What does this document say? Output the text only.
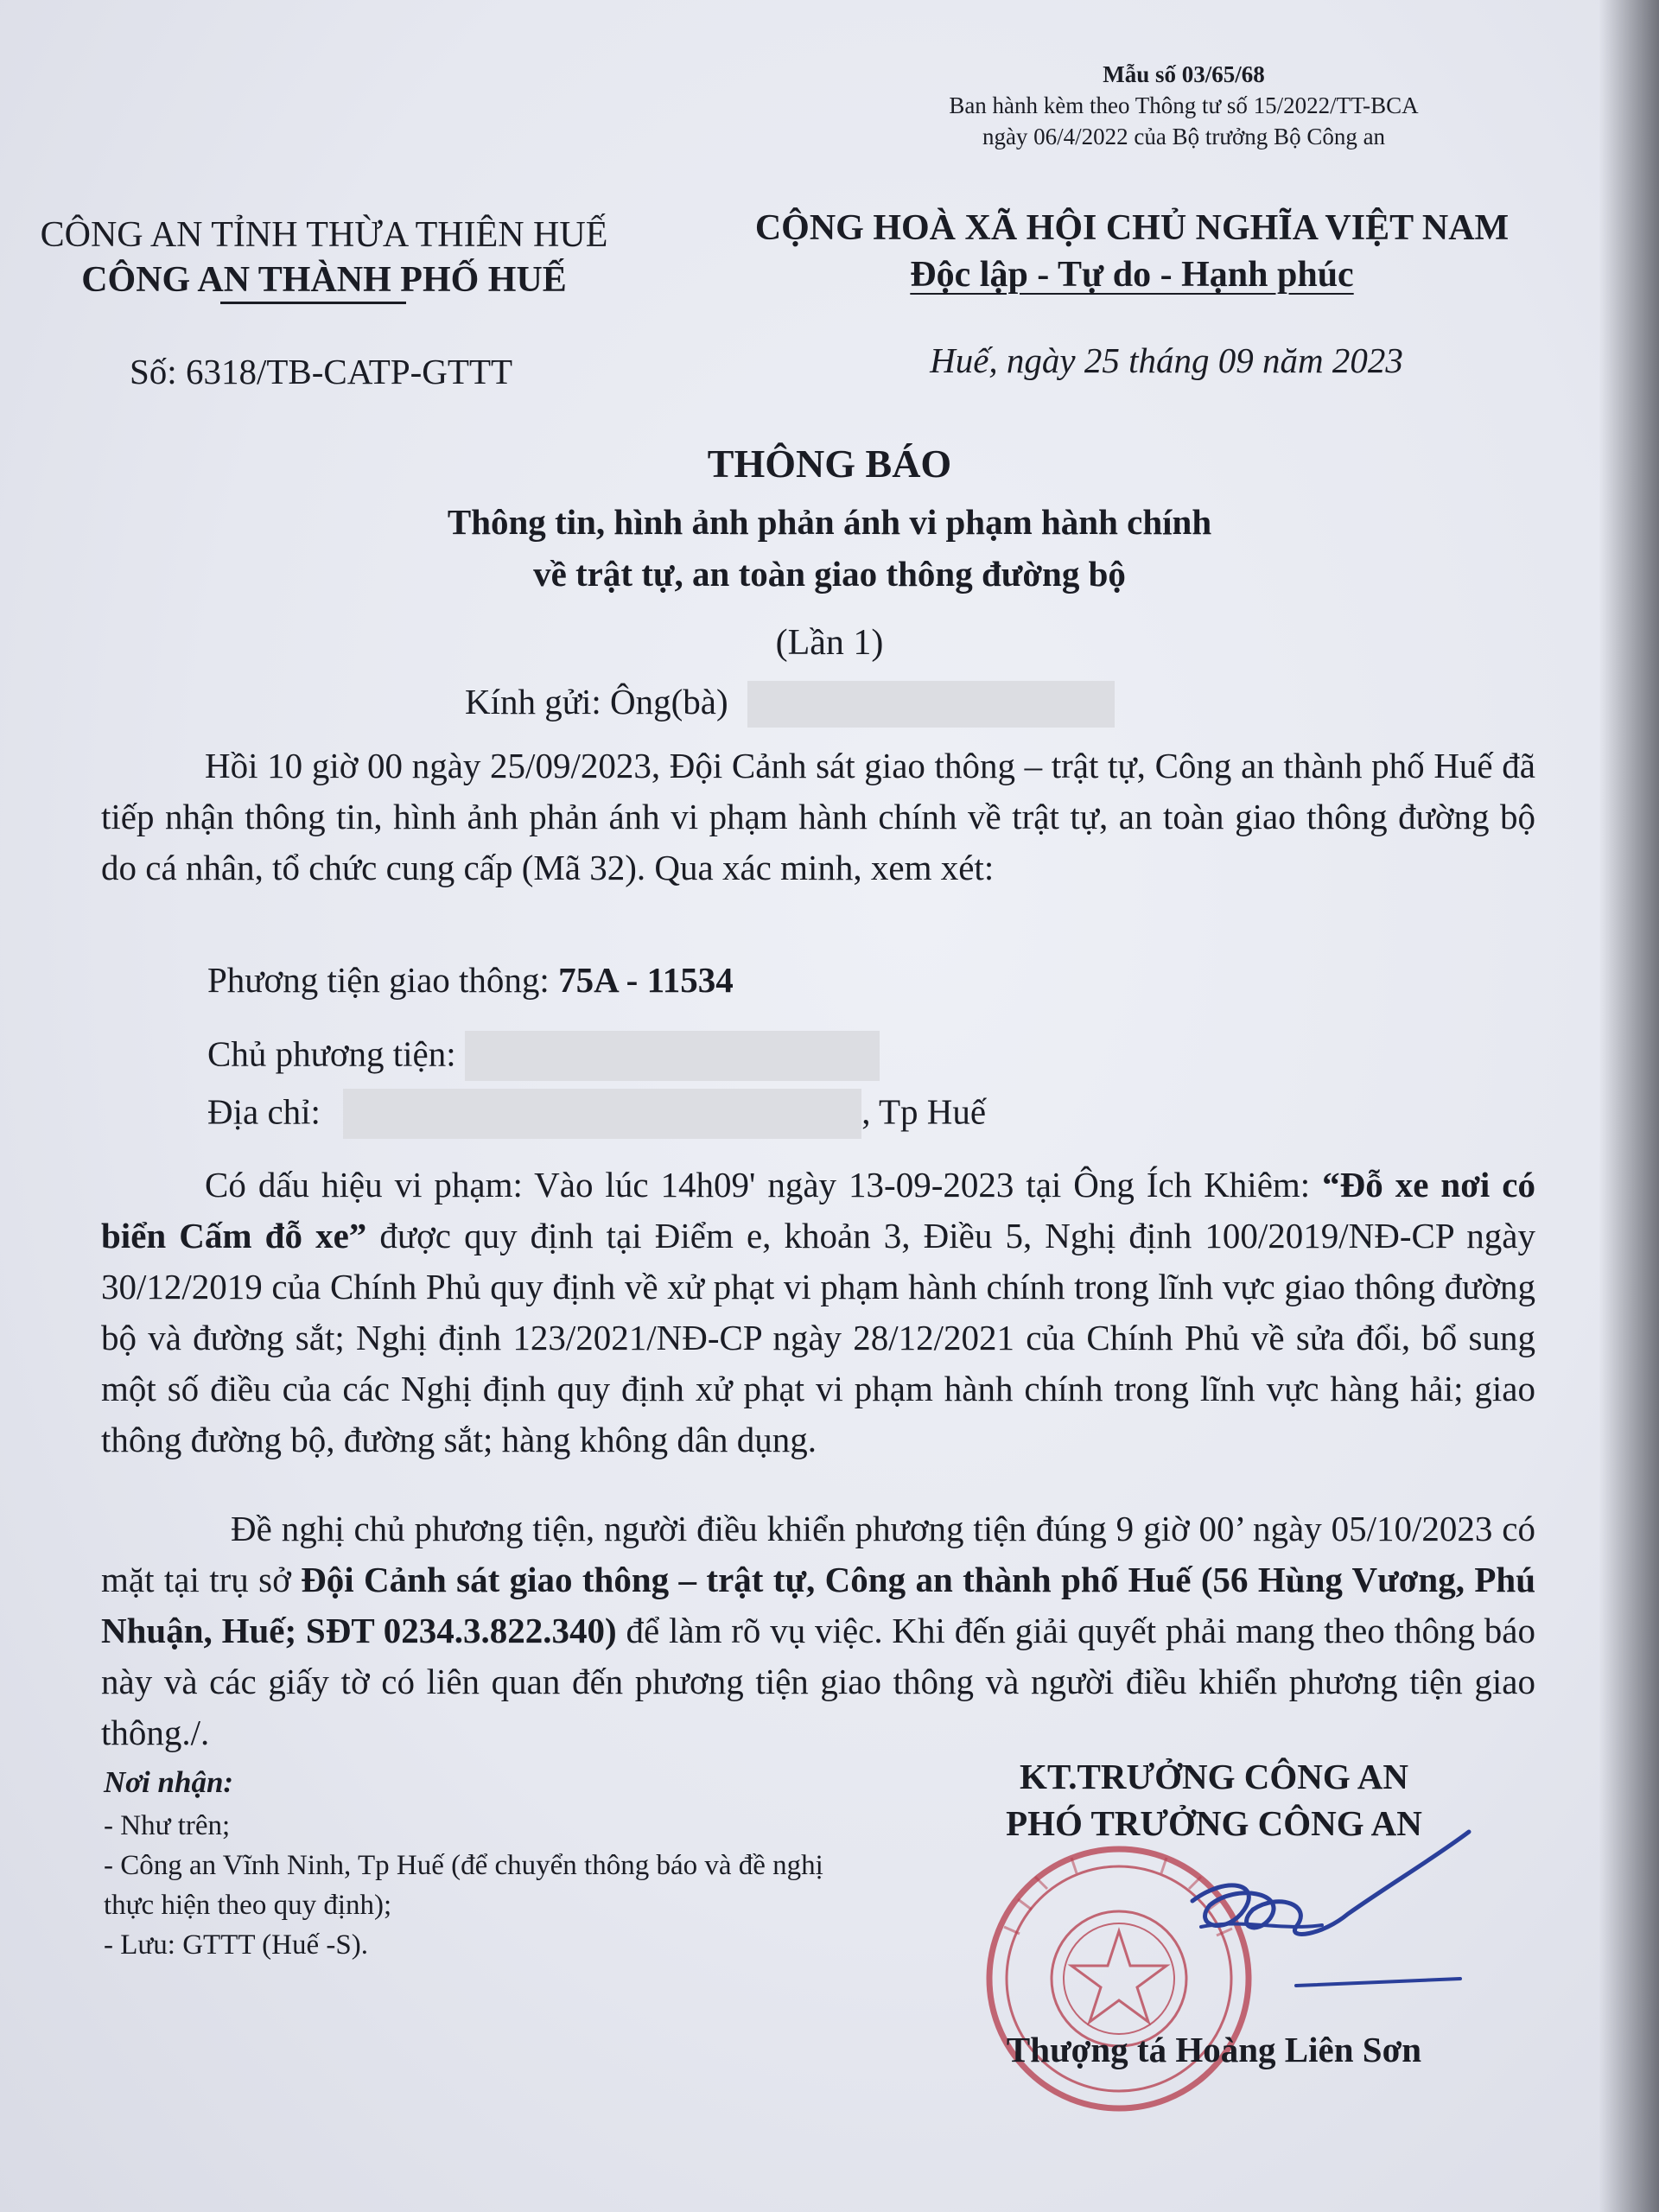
Mẫu số 03/65/68
Ban hành kèm theo Thông tư số 15/2022/TT-BCA
ngày 06/4/2022 của Bộ trưởng Bộ Công an
CÔNG AN TỈNH THỪA THIÊN HUẾ
CÔNG AN THÀNH PHỐ HUẾ
CỘNG HOÀ XÃ HỘI CHỦ NGHĨA VIỆT NAM
Độc lập - Tự do - Hạnh phúc
Số: 6318/TB-CATP-GTTT	Huế, ngày 25 tháng 09 năm 2023
THÔNG BÁO
Thông tin, hình ảnh phản ánh vi phạm hành chính
về trật tự, an toàn giao thông đường bộ
(Lần 1)
Kính gửi: Ông(bà)
Hồi 10 giờ 00 ngày 25/09/2023, Đội Cảnh sát giao thông – trật tự, Công an thành phố Huế đã tiếp nhận thông tin, hình ảnh phản ánh vi phạm hành chính về trật tự, an toàn giao thông đường bộ do cá nhân, tổ chức cung cấp (Mã 32). Qua xác minh, xem xét:
Phương tiện giao thông: 75A - 11534
Chủ phương tiện:
Địa chỉ:	, Tp Huế
Có dấu hiệu vi phạm: Vào lúc 14h09' ngày 13-09-2023 tại Ông Ích Khiêm: “Đỗ xe nơi có biển Cấm đỗ xe” được quy định tại Điểm e, khoản 3, Điều 5, Nghị định 100/2019/NĐ-CP ngày 30/12/2019 của Chính Phủ quy định về xử phạt vi phạm hành chính trong lĩnh vực giao thông đường bộ và đường sắt; Nghị định 123/2021/NĐ-CP ngày 28/12/2021 của Chính Phủ về sửa đổi, bổ sung một số điều của các Nghị định quy định xử phạt vi phạm hành chính trong lĩnh vực hàng hải; giao thông đường bộ, đường sắt; hàng không dân dụng.
Đề nghị chủ phương tiện, người điều khiển phương tiện đúng 9 giờ 00’ ngày 05/10/2023 có mặt tại trụ sở Đội Cảnh sát giao thông – trật tự, Công an thành phố Huế (56 Hùng Vương, Phú Nhuận, Huế; SĐT 0234.3.822.340) để làm rõ vụ việc. Khi đến giải quyết phải mang theo thông báo này và các giấy tờ có liên quan đến phương tiện giao thông và người điều khiển phương tiện giao thông./.
Nơi nhận:
- Như trên;
- Công an Vĩnh Ninh, Tp Huế (để chuyển thông báo và đề nghị thực hiện theo quy định);
- Lưu: GTTT (Huế -S).
KT.TRƯỞNG CÔNG AN
PHÓ TRƯỞNG CÔNG AN
Thượng tá Hoàng Liên Sơn
